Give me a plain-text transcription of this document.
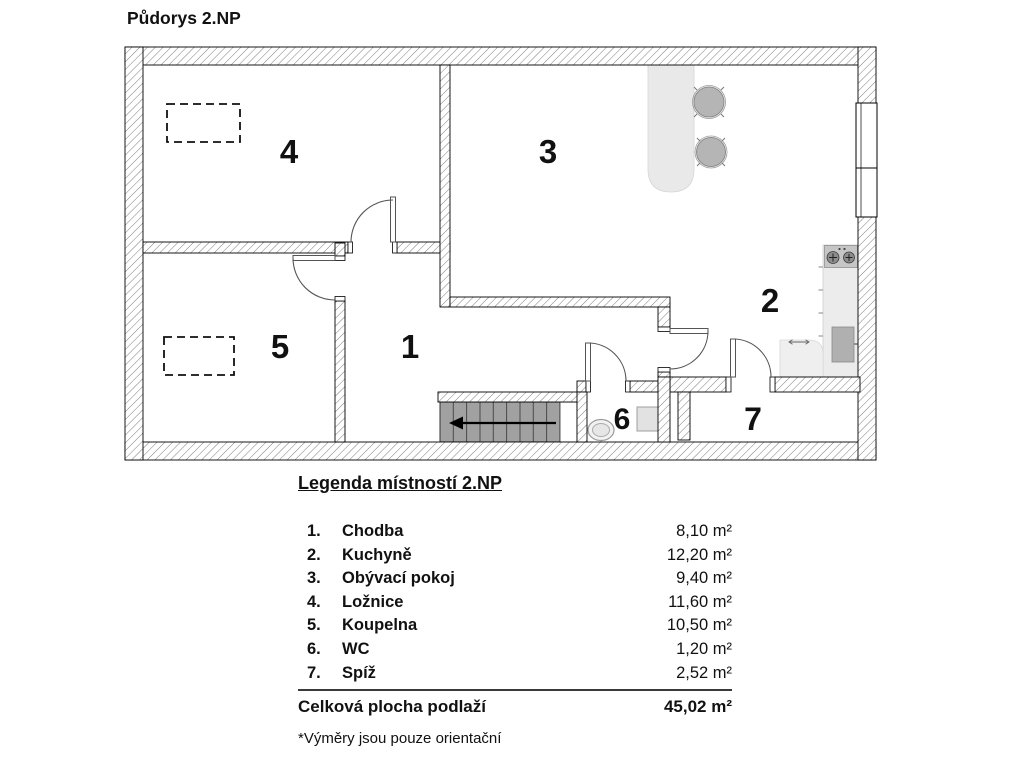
Půdorys 2.NP
1
2
3
4
5
6	7
Legenda místností 2.NP
1.	Chodba	8,10 m²
2.	Kuchyně	12,20 m²
3.	Obývací pokoj	9,40 m²
4.	Ložnice	11,60 m²
5.	Koupelna	10,50 m²
6.	WC	1,20 m²
7.	Spíž	2,52 m²
Celková plocha podlaží	45,02 m²
*Výměry jsou pouze orientační
